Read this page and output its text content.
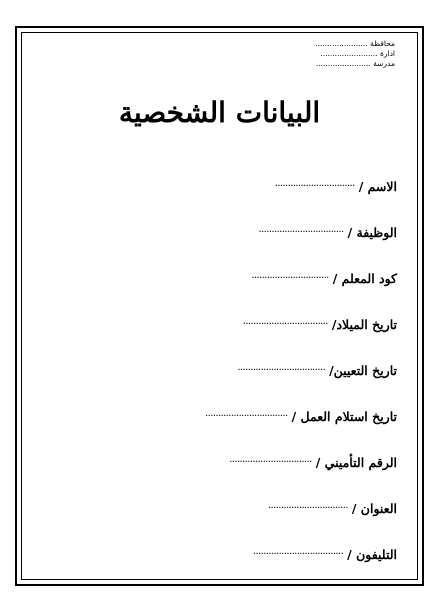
محافظة ......................
ادارة ........................
مدرسة .......................
البيانات الشخصية
الاسم /
...............................
الوظيفة /
.................................
كود المعلم /
..............................
تاريخ الميلاد/
.................................
تاريخ التعيين/
..................................
تاريخ استلام العمل /
................................
الرقم التأميني /
................................
العنوان /
...............................
التليفون /
...................................
